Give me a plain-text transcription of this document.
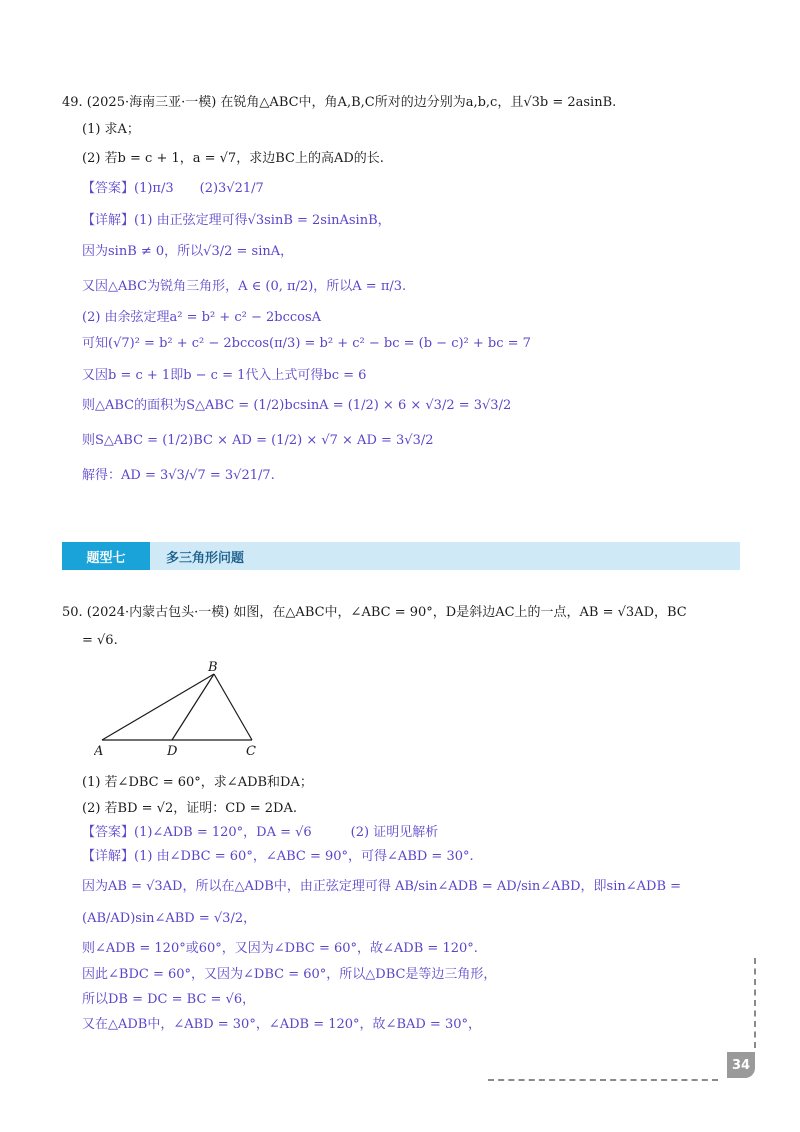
49. (2025·海南三亚·一模) 在锐角△ABC中，角A,B,C所对的边分别为a,b,c，且√3b = 2asinB.
(1) 求A；
(2) 若b = c + 1，a = √7，求边BC上的高AD的长.
【答案】(1)π/3　　(2)3√21/7
【详解】(1) 由正弦定理可得√3sinB = 2sinAsinB，
因为sinB ≠ 0，所以√3/2 = sinA，
又因△ABC为锐角三角形，A ∈ (0, π/2)，所以A = π/3.
(2) 由余弦定理a² = b² + c² − 2bccosA
可知(√7)² = b² + c² − 2bccos(π/3) = b² + c² − bc = (b − c)² + bc = 7
又因b = c + 1即b − c = 1代入上式可得bc = 6
则△ABC的面积为S△ABC = (1/2)bcsinA = (1/2) × 6 × √3/2 = 3√3/2
则S△ABC = (1/2)BC × AD = (1/2) × √7 × AD = 3√3/2
解得：AD = 3√3/√7 = 3√21/7.
题型七	多三角形问题
50. (2024·内蒙古包头·一模) 如图，在△ABC中，∠ABC = 90°，D是斜边AC上的一点，AB = √3AD，BC
= √6.
A	D	C
B
(1) 若∠DBC = 60°，求∠ADB和DA；
(2) 若BD = √2，证明：CD = 2DA.
【答案】(1)∠ADB = 120°，DA = √6　　　(2) 证明见解析
【详解】(1) 由∠DBC = 60°，∠ABC = 90°，可得∠ABD = 30°.
因为AB = √3AD，所以在△ADB中，由正弦定理可得 AB/sin∠ADB = AD/sin∠ABD，即sin∠ADB =
(AB/AD)sin∠ABD = √3/2，
则∠ADB = 120°或60°，又因为∠DBC = 60°，故∠ADB = 120°.
因此∠BDC = 60°，又因为∠DBC = 60°，所以△DBC是等边三角形，
所以DB = DC = BC = √6，
又在△ADB中，∠ABD = 30°，∠ADB = 120°，故∠BAD = 30°，
34
